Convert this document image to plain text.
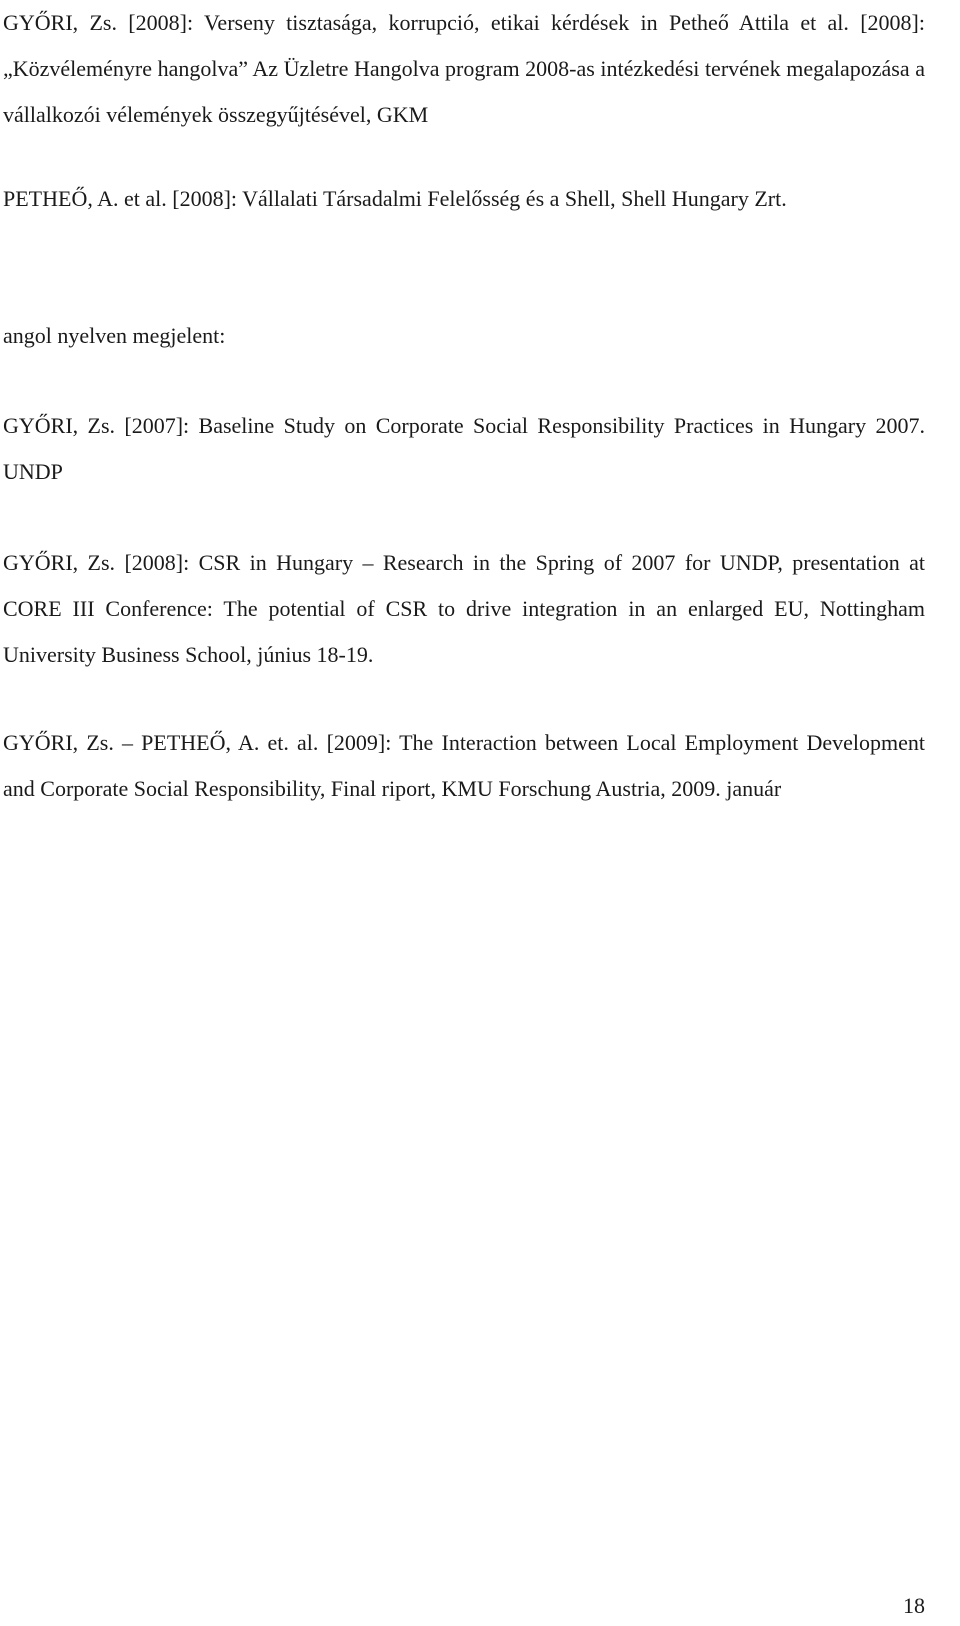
GYŐRI, Zs. [2008]: Verseny tisztasága, korrupció, etikai kérdések in Petheő Attila et al. [2008]: „Közvéleményre hangolva” Az Üzletre Hangolva program 2008-as intézkedési tervének megalapozása a vállalkozói vélemények összegyűjtésével, GKM

PETHEŐ, A. et al. [2008]: Vállalati Társadalmi Felelősség és a Shell, Shell Hungary Zrt.

angol nyelven megjelent:

GYŐRI, Zs. [2007]: Baseline Study on Corporate Social Responsibility Practices in Hungary 2007. UNDP

GYŐRI, Zs. [2008]: CSR in Hungary – Research in the Spring of 2007 for UNDP, presentation at CORE III Conference: The potential of CSR to drive integration in an enlarged EU, Nottingham University Business School, június 18-19.

GYŐRI, Zs. – PETHEŐ, A. et. al. [2009]: The Interaction between Local Employment Development and Corporate Social Responsibility, Final riport, KMU Forschung Austria, 2009. január

18
